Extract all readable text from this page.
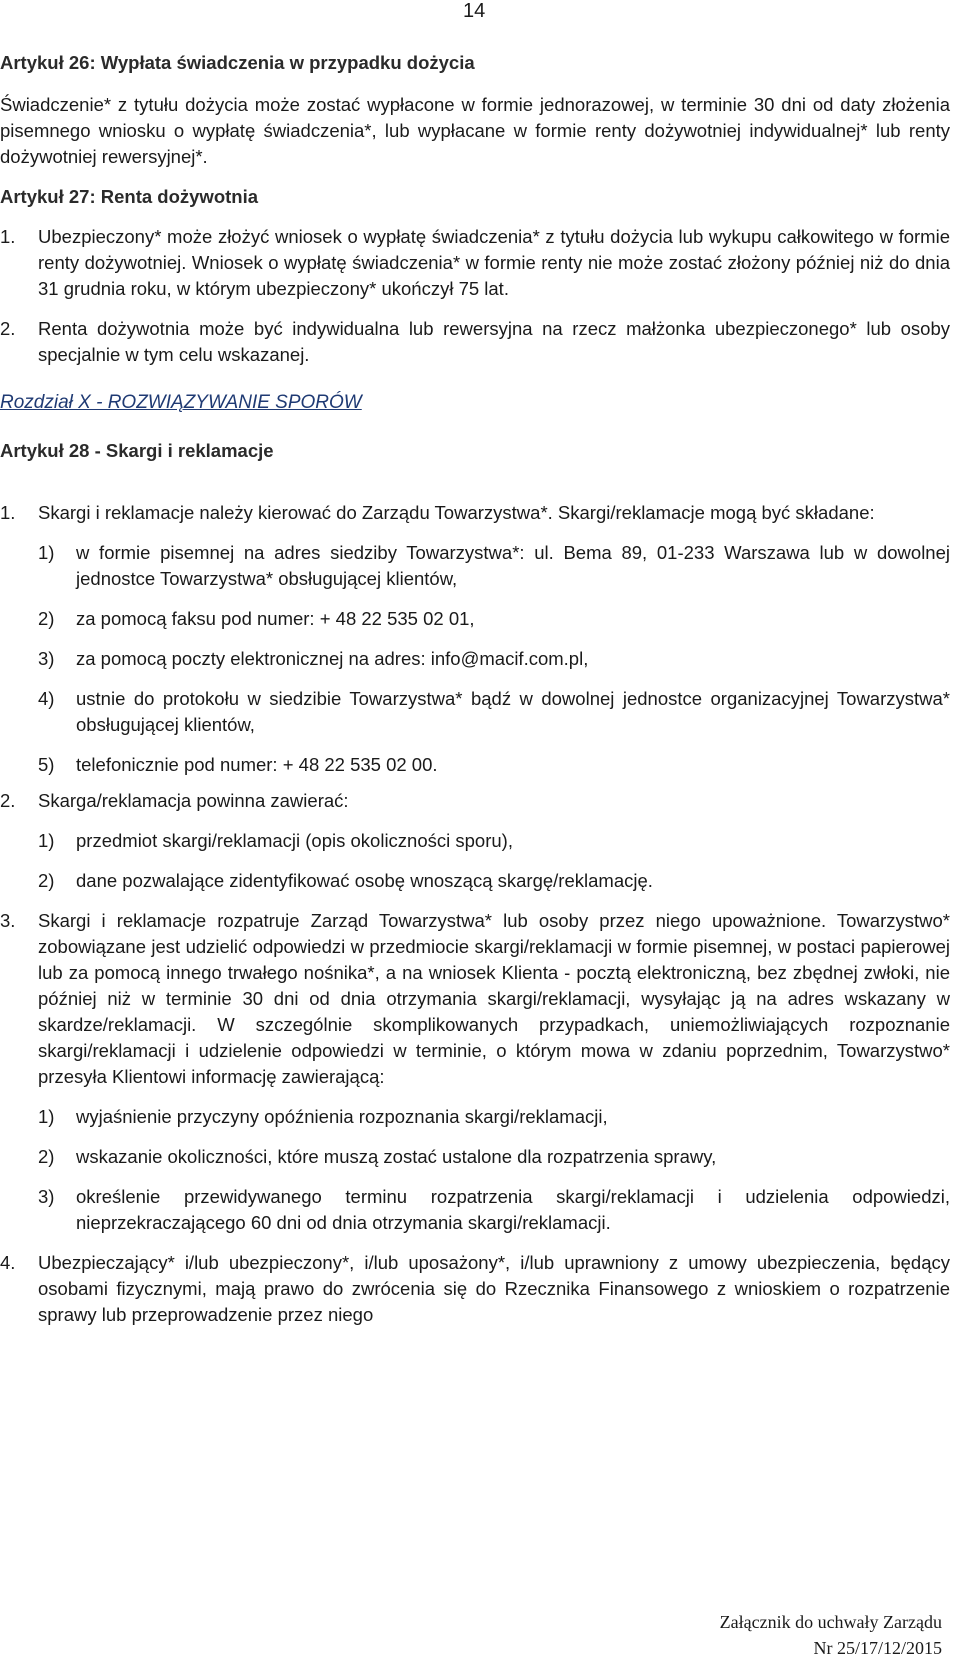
14

Artykuł 26: Wypłata świadczenia w przypadku dożycia

Świadczenie* z tytułu dożycia może zostać wypłacone w formie jednorazowej, w terminie 30 dni od daty złożenia pisemnego wniosku o wypłatę świadczenia*, lub wypłacane w formie renty dożywotniej indywidualnej* lub renty dożywotniej rewersyjnej*.

Artykuł 27: Renta dożywotnia

1.	Ubezpieczony* może złożyć wniosek o wypłatę świadczenia* z tytułu dożycia lub wykupu całkowitego w formie renty dożywotniej. Wniosek o wypłatę świadczenia* w formie renty nie może zostać złożony później niż do dnia 31 grudnia roku, w którym ubezpieczony* ukończył 75 lat.
2.	Renta dożywotnia może być indywidualna lub rewersyjna na rzecz małżonka ubezpieczonego* lub osoby specjalnie w tym celu wskazanej.

Rozdział X - ROZWIĄZYWANIE SPORÓW

Artykuł 28 - Skargi i reklamacje

1.	Skargi i reklamacje należy kierować do Zarządu Towarzystwa*. Skargi/reklamacje mogą być składane:
1)	w formie pisemnej na adres siedziby Towarzystwa*: ul. Bema 89, 01-233 Warszawa lub w dowolnej jednostce Towarzystwa* obsługującej klientów,
2)	za pomocą faksu pod numer: + 48 22 535 02 01,
3)	za pomocą poczty elektronicznej na adres: info@macif.com.pl,
4)	ustnie do protokołu w siedzibie Towarzystwa* bądź w dowolnej jednostce organizacyjnej Towarzystwa* obsługującej klientów,
5)	telefonicznie pod numer: + 48 22 535 02 00.
2.	Skarga/reklamacja powinna zawierać:
1)	przedmiot skargi/reklamacji (opis okoliczności sporu),
2)	dane pozwalające zidentyfikować osobę wnoszącą skargę/reklamację.
3.	Skargi i reklamacje rozpatruje Zarząd Towarzystwa* lub osoby przez niego upoważnione. Towarzystwo* zobowiązane jest udzielić odpowiedzi w przedmiocie skargi/reklamacji w formie pisemnej, w postaci papierowej lub za pomocą innego trwałego nośnika*, a na wniosek Klienta - pocztą elektroniczną, bez zbędnej zwłoki, nie później niż w terminie 30 dni od dnia otrzymania skargi/reklamacji, wysyłając ją na adres wskazany w skardze/reklamacji. W szczególnie skomplikowanych przypadkach, uniemożliwiających rozpoznanie skargi/reklamacji i udzielenie odpowiedzi w terminie, o którym mowa w zdaniu poprzednim, Towarzystwo* przesyła Klientowi informację zawierającą:
1)	wyjaśnienie przyczyny opóźnienia rozpoznania skargi/reklamacji,
2)	wskazanie okoliczności, które muszą zostać ustalone dla rozpatrzenia sprawy,
3)	określenie przewidywanego terminu rozpatrzenia skargi/reklamacji i udzielenia odpowiedzi, nieprzekraczającego 60 dni od dnia otrzymania skargi/reklamacji.
4.	Ubezpieczający* i/lub ubezpieczony*, i/lub uposażony*, i/lub uprawniony z umowy ubezpieczenia, będący osobami fizycznymi, mają prawo do zwrócenia się do Rzecznika Finansowego z wnioskiem o rozpatrzenie sprawy lub przeprowadzenie przez niego
Załącznik do uchwały Zarządu
Nr 25/17/12/2015
